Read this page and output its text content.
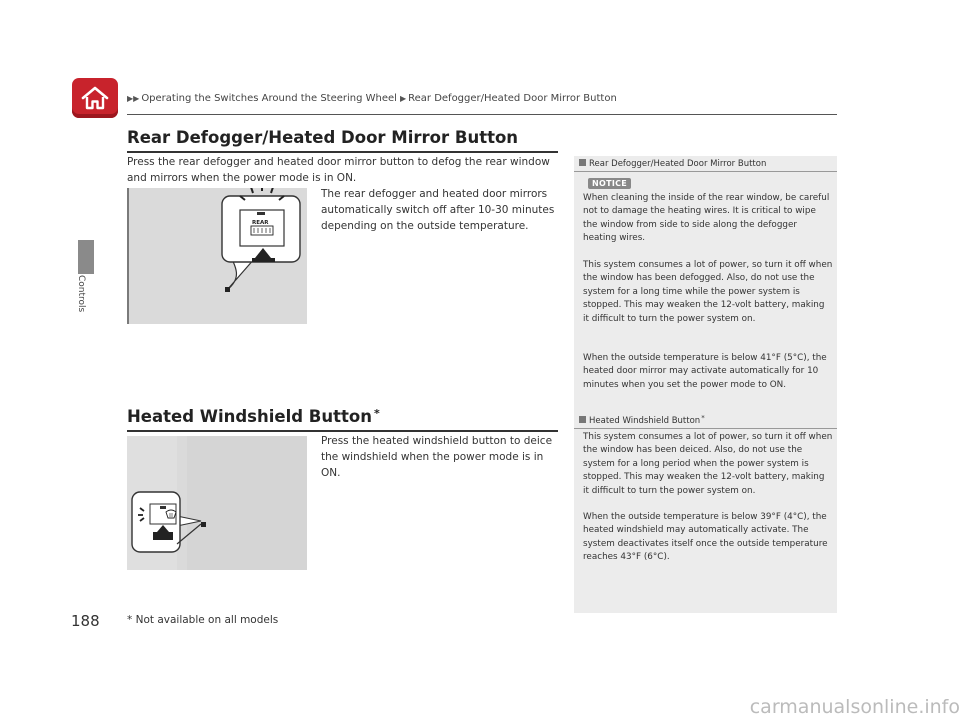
▶▶ Operating the Switches Around the Steering Wheel ▶ Rear Defogger/Heated Door Mirror Button
Controls
Rear Defogger/Heated Door Mirror Button
Press the rear defogger and heated door mirror button to defog the rear window and mirrors when the power mode is in ON.
The rear defogger and heated door mirrors automatically switch off after 10-30 minutes depending on the outside temperature.
REAR
Heated Windshield Button *
Press the heated windshield button to deice the windshield when the power mode is in ON.
Rear Defogger/Heated Door Mirror Button
NOTICE
When cleaning the inside of the rear window, be careful not to damage the heating wires. It is critical to wipe the window from side to side along the defogger heating wires.
This system consumes a lot of power, so turn it off when the window has been defogged. Also, do not use the system for a long time while the power system is stopped. This may weaken the 12-volt battery, making it difficult to turn the power system on.
When the outside temperature is below 41°F (5°C), the heated door mirror may activate automatically for 10 minutes when you set the power mode to ON.
Heated Windshield Button*
This system consumes a lot of power, so turn it off when the window has been deiced. Also, do not use the system for a long period when the power system is stopped. This may weaken the 12-volt battery, making it difficult to turn the power system on.
When the outside temperature is below 39°F (4°C), the heated windshield may automatically activate. The system deactivates itself once the outside temperature reaches 43°F (6°C).
188	* Not available on all models
carmanualsonline.info
